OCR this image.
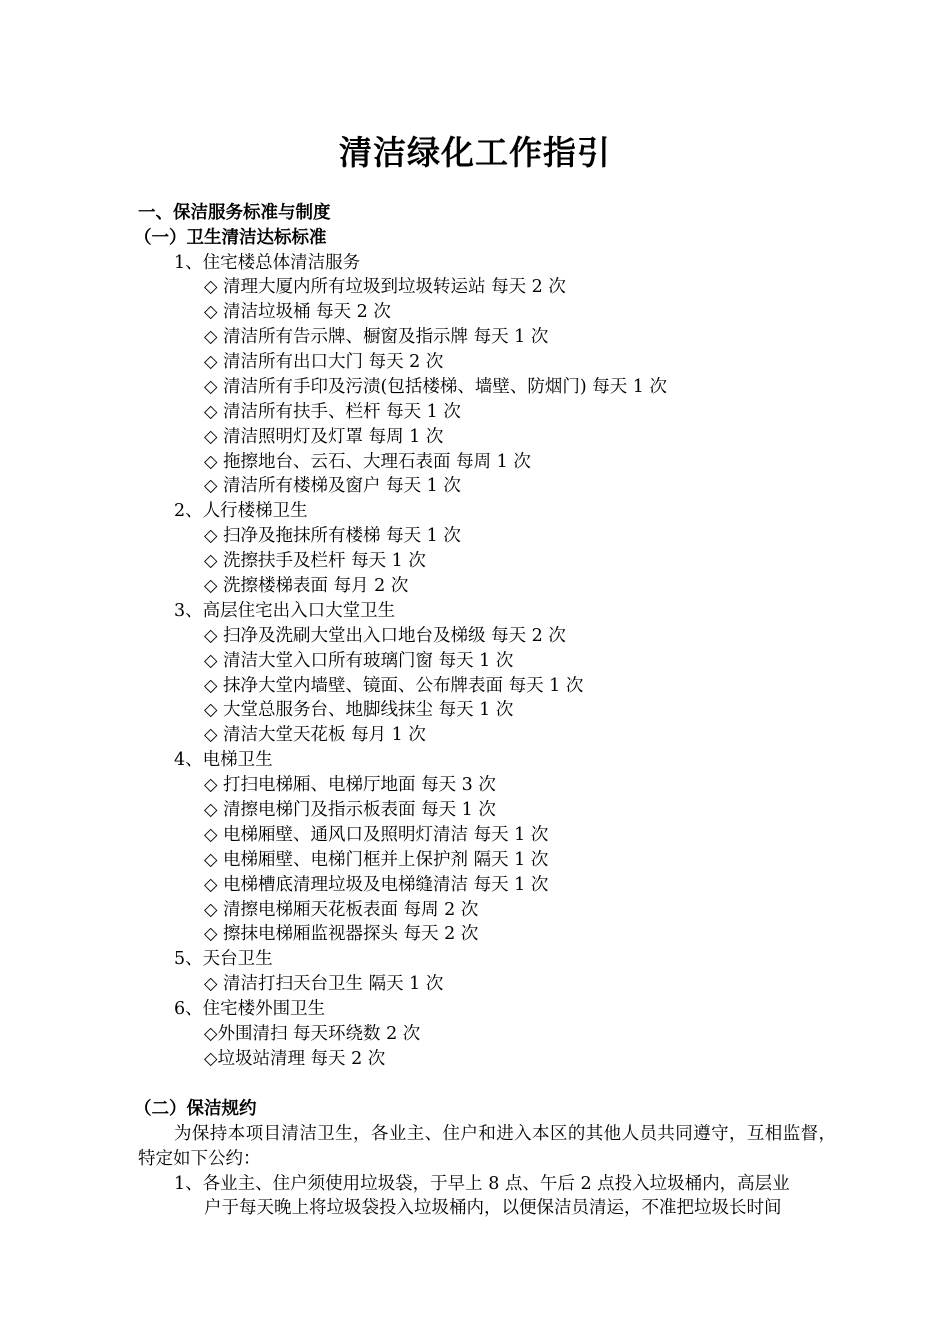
清洁绿化工作指引
一、保洁服务标准与制度
（一）卫生清洁达标标准
1、住宅楼总体清洁服务
◇ 清理大厦内所有垃圾到垃圾转运站 每天 2 次
◇ 清洁垃圾桶 每天 2 次
◇ 清洁所有告示牌、橱窗及指示牌 每天 1 次
◇ 清洁所有出口大门 每天 2 次
◇ 清洁所有手印及污渍(包括楼梯、墙壁、防烟门) 每天 1 次
◇ 清洁所有扶手、栏杆 每天 1 次
◇ 清洁照明灯及灯罩 每周 1 次
◇ 拖擦地台、云石、大理石表面 每周 1 次
◇ 清洁所有楼梯及窗户 每天 1 次
2、人行楼梯卫生
◇ 扫净及拖抹所有楼梯 每天 1 次
◇ 洗擦扶手及栏杆 每天 1 次
◇ 洗擦楼梯表面 每月 2 次
3、高层住宅出入口大堂卫生
◇ 扫净及洗刷大堂出入口地台及梯级 每天 2 次
◇ 清洁大堂入口所有玻璃门窗 每天 1 次
◇ 抹净大堂内墙壁、镜面、公布牌表面 每天 1 次
◇ 大堂总服务台、地脚线抹尘 每天 1 次
◇ 清洁大堂天花板 每月 1 次
4、电梯卫生
◇ 打扫电梯厢、电梯厅地面 每天 3 次
◇ 清擦电梯门及指示板表面 每天 1 次
◇ 电梯厢壁、通风口及照明灯清洁 每天 1 次
◇ 电梯厢壁、电梯门框并上保护剂 隔天 1 次
◇ 电梯槽底清理垃圾及电梯缝清洁 每天 1 次
◇ 清擦电梯厢天花板表面 每周 2 次
◇ 擦抹电梯厢监视器探头 每天 2 次
5、天台卫生
◇ 清洁打扫天台卫生 隔天 1 次
6、住宅楼外围卫生
◇外围清扫 每天环绕数 2 次
◇垃圾站清理 每天 2 次
（二）保洁规约
为保持本项目清洁卫生，各业主、住户和进入本区的其他人员共同遵守，互相监督，特定如下公约：
1、各业主、住户须使用垃圾袋，于早上 8 点、午后 2 点投入垃圾桶内，高层业
户于每天晚上将垃圾袋投入垃圾桶内，以便保洁员清运，不准把垃圾长时间
